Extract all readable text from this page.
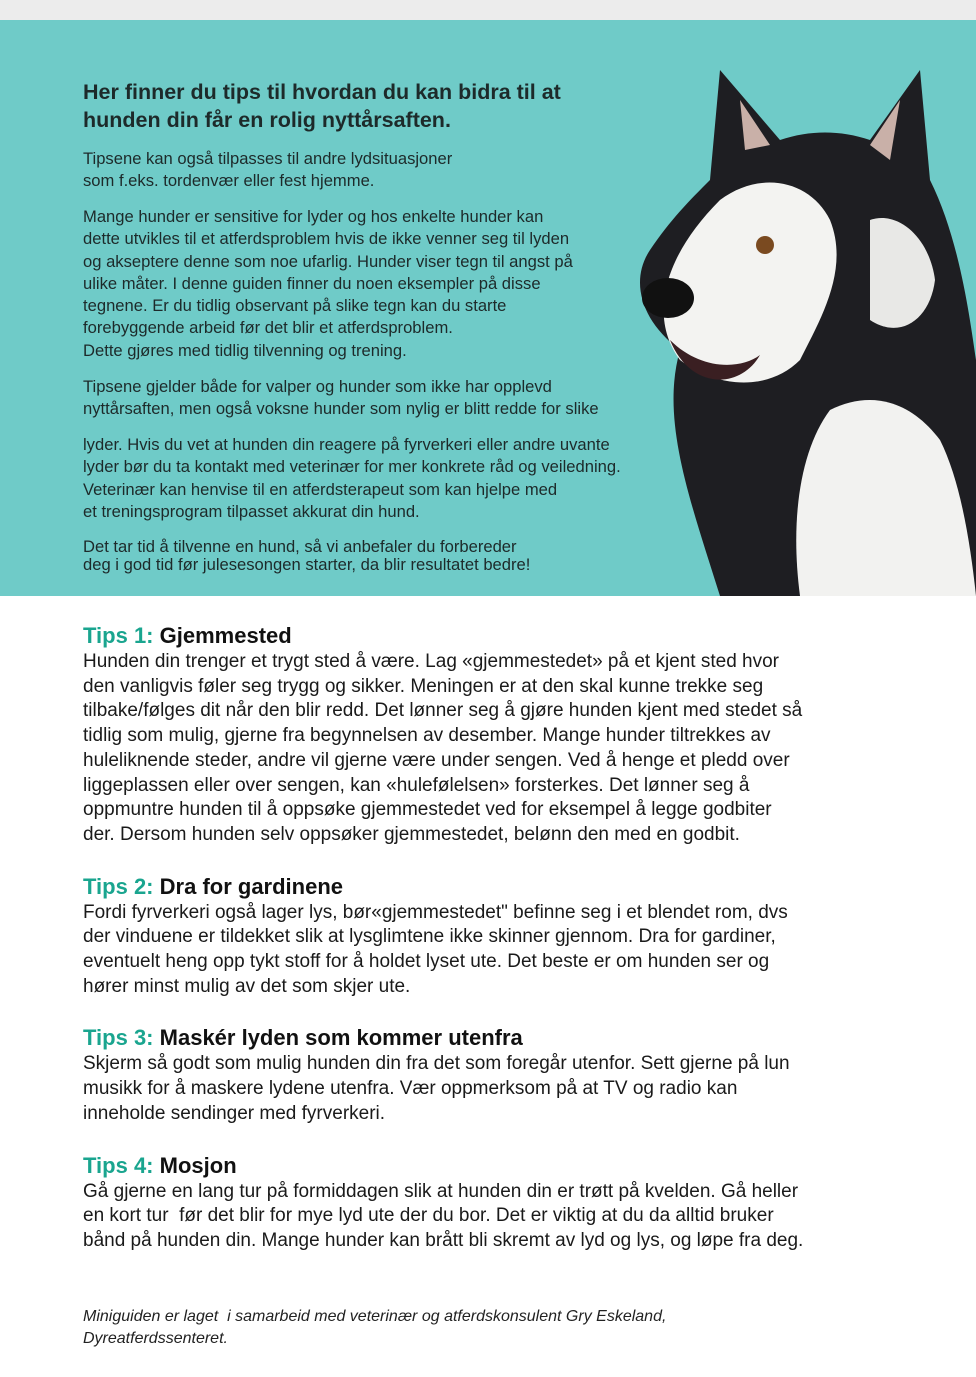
Her finner du tips til hvordan du kan bidra til at
hunden din får en rolig nyttårsaften.

Tipsene kan også tilpasses til andre lydsituasjoner
som f.eks. tordenvær eller fest hjemme.

Mange hunder er sensitive for lyder og hos enkelte hunder kan
dette utvikles til et atferdsproblem hvis de ikke venner seg til lyden
og akseptere denne som noe ufarlig. Hunder viser tegn til angst på
ulike måter. I denne guiden finner du noen eksempler på disse
tegnene. Er du tidlig observant på slike tegn kan du starte
forebyggende arbeid før det blir et atferdsproblem.
Dette gjøres med tidlig tilvenning og trening.

Tipsene gjelder både for valper og hunder som ikke har opplevd
nyttårsaften, men også voksne hunder som nylig er blitt redde for slike

lyder. Hvis du vet at hunden din reagere på fyrverkeri eller andre uvante
lyder bør du ta kontakt med veterinær for mer konkrete råd og veiledning.
Veterinær kan henvise til en atferdsterapeut som kan hjelpe med
et treningsprogram tilpasset akkurat din hund.

Det tar tid å tilvenne en hund, så vi anbefaler du forbereder
deg i god tid før julesesongen starter, da blir resultatet bedre!

Tips 1: Gjemmested

Hunden din trenger et trygt sted å være. Lag «gjemmestedet» på et kjent sted hvor
den vanligvis føler seg trygg og sikker. Meningen er at den skal kunne trekke seg
tilbake/følges dit når den blir redd. Det lønner seg å gjøre hunden kjent med stedet så
tidlig som mulig, gjerne fra begynnelsen av desember. Mange hunder tiltrekkes av
huleliknende steder, andre vil gjerne være under sengen. Ved å henge et pledd over
liggeplassen eller over sengen, kan «hulefølelsen» forsterkes. Det lønner seg å
oppmuntre hunden til å oppsøke gjemmestedet ved for eksempel å legge godbiter
der. Dersom hunden selv oppsøker gjemmestedet, belønn den med en godbit.

Tips 2: Dra for gardinene

Fordi fyrverkeri også lager lys, bør«gjemmestedet" befinne seg i et blendet rom, dvs
der vinduene er tildekket slik at lysglimtene ikke skinner gjennom. Dra for gardiner,
eventuelt heng opp tykt stoff for å holdet lyset ute. Det beste er om hunden ser og
hører minst mulig av det som skjer ute.

Tips 3: Maskér lyden som kommer utenfra

Skjerm så godt som mulig hunden din fra det som foregår utenfor. Sett gjerne på lun
musikk for å maskere lydene utenfra. Vær oppmerksom på at TV og radio kan
inneholde sendinger med fyrverkeri.

Tips 4: Mosjon

Gå gjerne en lang tur på formiddagen slik at hunden din er trøtt på kvelden. Gå heller
en kort tur  før det blir for mye lyd ute der du bor. Det er viktig at du da alltid bruker
bånd på hunden din. Mange hunder kan brått bli skremt av lyd og lys, og løpe fra deg.

Miniguiden er laget  i samarbeid med veterinær og atferdskonsulent Gry Eskeland,
Dyreatferdssenteret.
